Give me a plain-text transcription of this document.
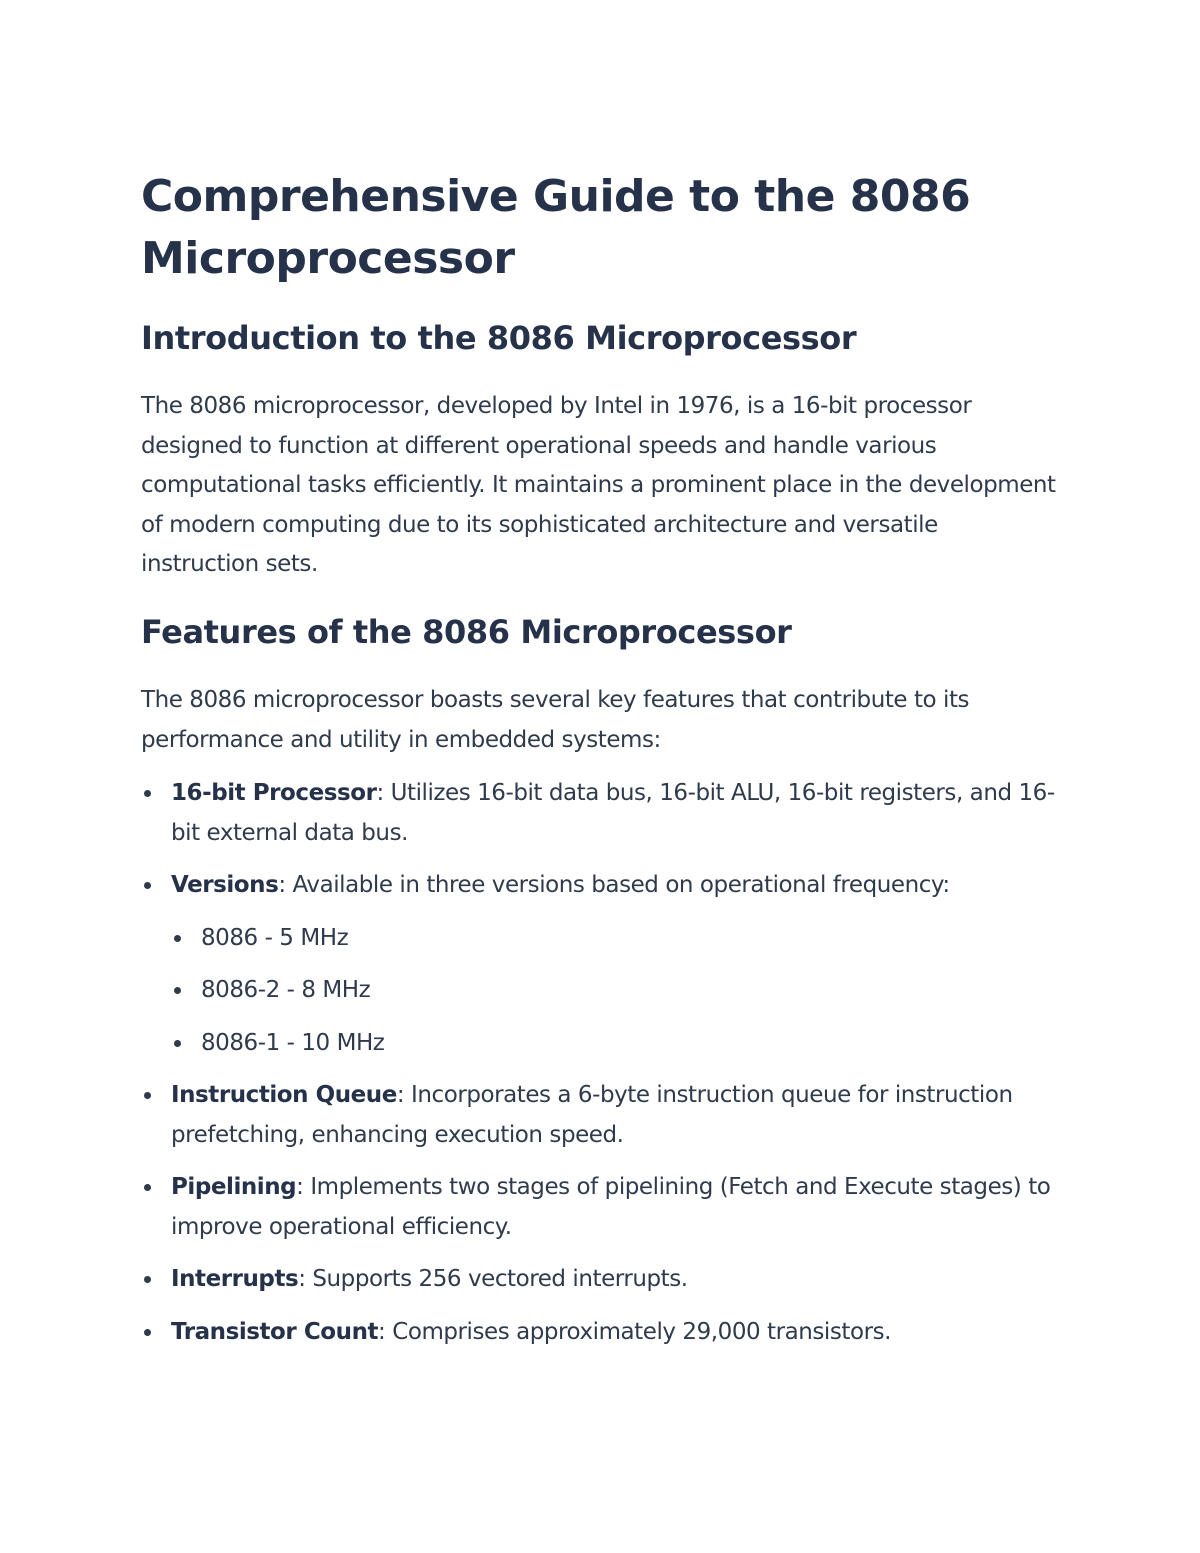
Comprehensive Guide to the 8086 Microprocessor
Introduction to the 8086 Microprocessor

The 8086 microprocessor, developed by Intel in 1976, is a 16-bit processor designed to function at different operational speeds and handle various computational tasks efficiently. It maintains a prominent place in the development of modern computing due to its sophisticated architecture and versatile instruction sets.

Features of the 8086 Microprocessor

The 8086 microprocessor boasts several key features that contribute to its performance and utility in embedded systems:

16-bit Processor: Utilizes 16-bit data bus, 16-bit ALU, 16-bit registers, and 16-bit external data bus.
Versions: Available in three versions based on operational frequency:
8086 - 5 MHz
8086-2 - 8 MHz
8086-1 - 10 MHz
Instruction Queue: Incorporates a 6-byte instruction queue for instruction prefetching, enhancing execution speed.
Pipelining: Implements two stages of pipelining (Fetch and Execute stages) to improve operational efficiency.
Interrupts: Supports 256 vectored interrupts.
Transistor Count: Comprises approximately 29,000 transistors.
